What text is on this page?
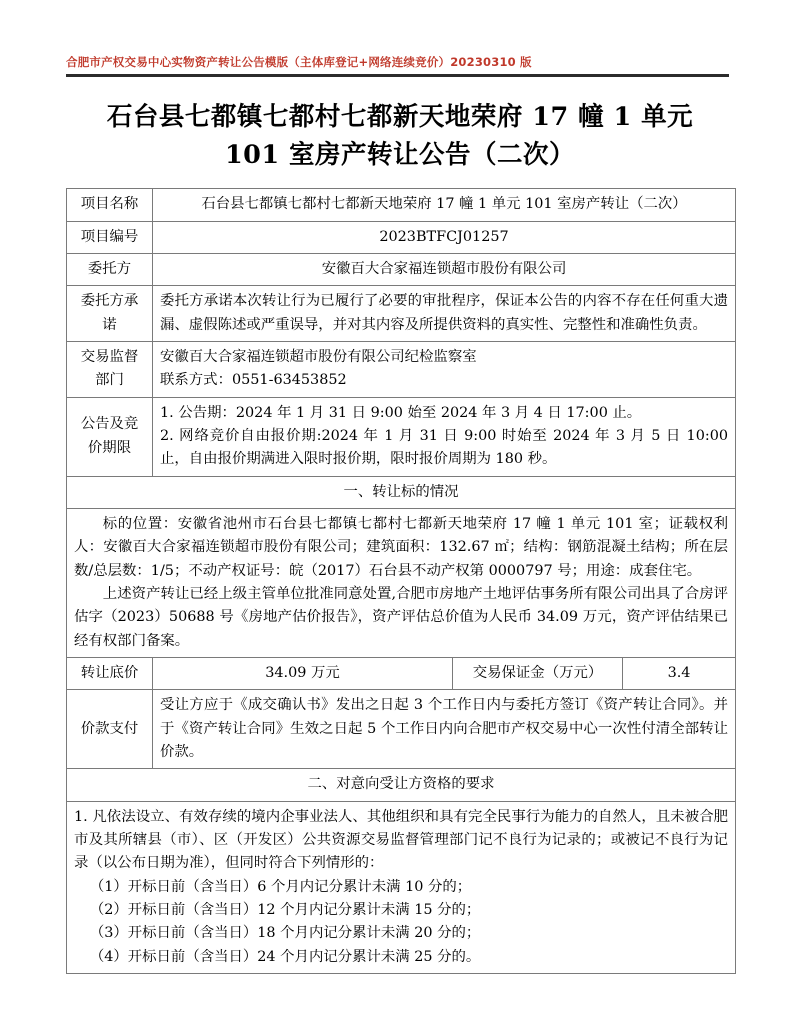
合肥市产权交易中心实物资产转让公告模版（主体库登记+网络连续竞价）20230310 版
石台县七都镇七都村七都新天地荣府 17 幢 1 单元
101 室房产转让公告（二次）
项目名称	石台县七都镇七都村七都新天地荣府 17 幢 1 单元 101 室房产转让（二次）		
项目编号	2023BTFCJ01257		
委托方	安徽百大合家福连锁超市股份有限公司		
委托方承诺	委托方承诺本次转让行为已履行了必要的审批程序，保证本公告的内容不存在任何重大遗漏、虚假陈述或严重误导，并对其内容及所提供资料的真实性、完整性和准确性负责。		
交易监督部门	安徽百大合家福连锁超市股份有限公司纪检监察室
联系方式：0551-63453852		

公告及竞价期限	1. 公告期：2024 年 1 月 31 日 9:00 始至 2024 年 3 月 4 日 17:00 止。
2. 网络竞价自由报价期:2024 年 1 月 31 日 9:00 时始至 2024 年 3 月 5 日 10:00 止，自由报价期满进入限时报价期，限时报价周期为 180 秒。		
一、转让标的情况			

标的位置：安徽省池州市石台县七都镇七都村七都新天地荣府 17 幢 1 单元 101 室；证载权利人：安徽百大合家福连锁超市股份有限公司；建筑面积：132.67 ㎡；结构：钢筋混凝土结构；所在层数/总层数：1/5；不动产权证号：皖（2017）石台县不动产权第 0000797 号；用途：成套住宅。
上述资产转让已经上级主管单位批准同意处置,合肥市房地产土地评估事务所有限公司出具了合房评估字（2023）50688 号《房地产估价报告》，资产评估总价值为人民币 34.09 万元，资产评估结果已经有权部门备案。			

转让底价	34.09 万元	交易保证金（万元）	3.4
价款支付	受让方应于《成交确认书》发出之日起 3 个工作日内与委托方签订《资产转让合同》。并于《资产转让合同》生效之日起 5 个工作日内向合肥市产权交易中心一次性付清全部转让价款。		
二、对意向受让方资格的要求			

1. 凡依法设立、有效存续的境内企事业法人、其他组织和具有完全民事行为能力的自然人，且未被合肥市及其所辖县（市）、区（开发区）公共资源交易监督管理部门记不良行为记录的；或被记不良行为记录（以公布日期为准），但同时符合下列情形的：
（1）开标日前（含当日）6 个月内记分累计未满 10 分的；
（2）开标日前（含当日）12 个月内记分累计未满 15 分的；
（3）开标日前（含当日）18 个月内记分累计未满 20 分的；
（4）开标日前（含当日）24 个月内记分累计未满 25 分的。			
